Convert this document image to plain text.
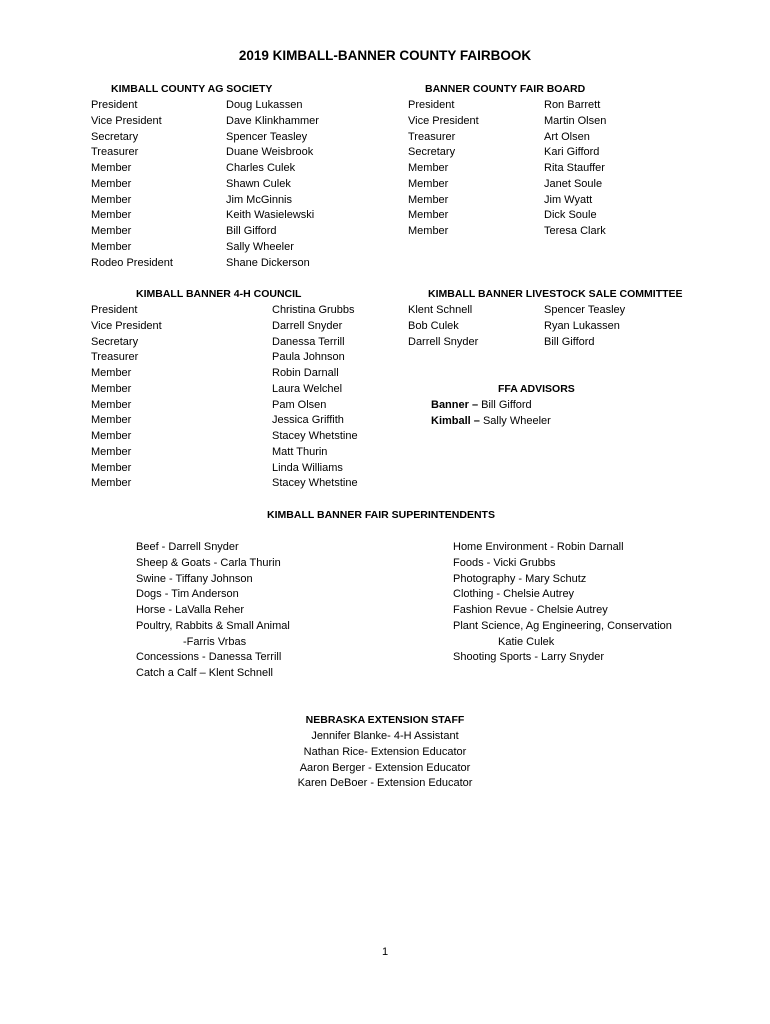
2019 KIMBALL-BANNER COUNTY FAIRBOOK
KIMBALL COUNTY AG SOCIETY	BANNER COUNTY FAIR BOARD
KIMBALL BANNER 4-H COUNCIL	KIMBALL BANNER LIVESTOCK SALE COMMITTEE
FFA ADVISORS
KIMBALL BANNER FAIR SUPERINTENDENTS
NEBRASKA EXTENSION STAFF
President	Doug Lukassen
Vice President	Dave Klinkhammer
Secretary	Spencer Teasley
Treasurer	Duane Weisbrook
Member	Charles Culek
Member	Shawn Culek
Member	Jim McGinnis
Member	Keith Wasielewski
Member	Bill Gifford
Member	Sally Wheeler
Rodeo President	Shane Dickerson
President	Ron Barrett
Vice President	Martin Olsen
Treasurer	Art Olsen
Secretary	Kari Gifford
Member	Rita Stauffer
Member	Janet Soule
Member	Jim Wyatt
Member	Dick Soule
Member	Teresa Clark
President	Christina Grubbs
Vice President	Darrell Snyder
Secretary	Danessa Terrill
Treasurer	Paula Johnson
Member	Robin Darnall
Member	Laura Welchel
Member	Pam Olsen
Member	Jessica Griffith
Member	Stacey Whetstine
Member	Matt Thurin
Member	Linda Williams
Member	Stacey Whetstine
Klent Schnell	Spencer Teasley
Bob Culek	Ryan Lukassen
Darrell Snyder	Bill Gifford
Banner – Bill Gifford
Kimball – Sally Wheeler
Beef - Darrell Snyder
Sheep & Goats - Carla Thurin
Swine - Tiffany Johnson
Dogs - Tim Anderson
Horse - LaValla Reher
Poultry, Rabbits & Small Animal
-Farris Vrbas
Concessions - Danessa Terrill
Catch a Calf – Klent Schnell
Home Environment - Robin Darnall
Foods - Vicki Grubbs
Photography - Mary Schutz
Clothing - Chelsie Autrey
Fashion Revue - Chelsie Autrey
Plant Science, Ag Engineering, Conservation
Katie Culek
Shooting Sports - Larry Snyder
Jennifer Blanke- 4-H Assistant
Nathan Rice- Extension Educator
Aaron Berger - Extension Educator
Karen DeBoer - Extension Educator
1
